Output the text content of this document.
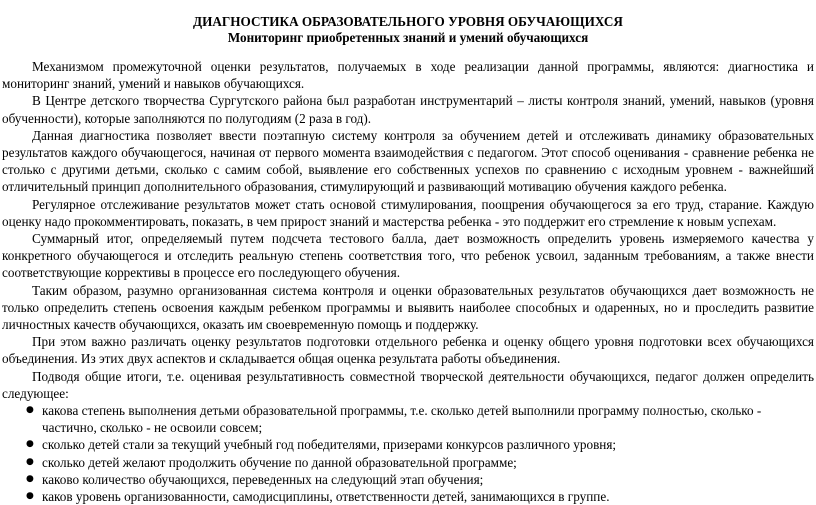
ДИАГНОСТИКА ОБРАЗОВАТЕЛЬНОГО УРОВНЯ ОБУЧАЮЩИХСЯ
Мониторинг приобретенных знаний и умений обучающихся

Механизмом промежуточной оценки результатов, получаемых в ходе реализации данной программы, являются: диагностика и мониторинг знаний, умений и навыков обучающихся.

В Центре детского творчества Сургутского района был разработан инструментарий – листы контроля знаний, умений, навыков (уровня обученности), которые заполняются по полугодиям (2 раза в год).

Данная диагностика позволяет ввести поэтапную систему контроля за обучением детей и отслеживать динамику образовательных результатов каждого обучающегося, начиная от первого момента взаимодействия с педагогом. Этот способ оценивания - сравнение ребенка не столько с другими детьми, сколько с самим собой, выявление его собственных успехов по сравнению с исходным уровнем - важнейший отличительный принцип дополнительного образования, стимулирующий и развивающий мотивацию обучения каждого ребенка.

Регулярное отслеживание результатов может стать основой стимулирования, поощрения обучающегося за его труд, старание. Каждую оценку надо прокомментировать, показать, в чем прирост знаний и мастерства ребенка - это поддержит его стремление к новым успехам.

Суммарный итог, определяемый путем подсчета тестового балла, дает возможность определить уровень измеряемого качества у конкретного обучающегося и отследить реальную степень соответствия того, что ребенок усвоил, заданным требованиям, а также внести соответствующие коррективы в процессе его последующего обучения.

Таким образом, разумно организованная система контроля и оценки образовательных результатов обучающихся дает возможность не только определить степень освоения каждым ребенком программы и выявить наиболее способных и одаренных, но и проследить развитие личностных качеств обучающихся, оказать им своевременную помощь и поддержку.

При этом важно различать оценку результатов подготовки отдельного ребенка и оценку общего уровня подготовки всех обучающихся объединения. Из этих двух аспектов и складывается общая оценка результата работы объединения.

Подводя общие итоги, т.е. оценивая результативность совместной творческой деятельности обучающихся, педагог должен определить следующее:

● какова степень выполнения детьми образовательной программы, т.е. сколько детей выполнили программу полностью, сколько - частично, сколько - не освоили совсем;
● сколько детей стали за текущий учебный год победителями, призерами конкурсов различного уровня;
● сколько детей желают продолжить обучение по данной образовательной программе;
● каково количество обучающихся, переведенных на следующий этап обучения;
● каков уровень организованности, самодисциплины, ответственности детей, занимающихся в группе.
